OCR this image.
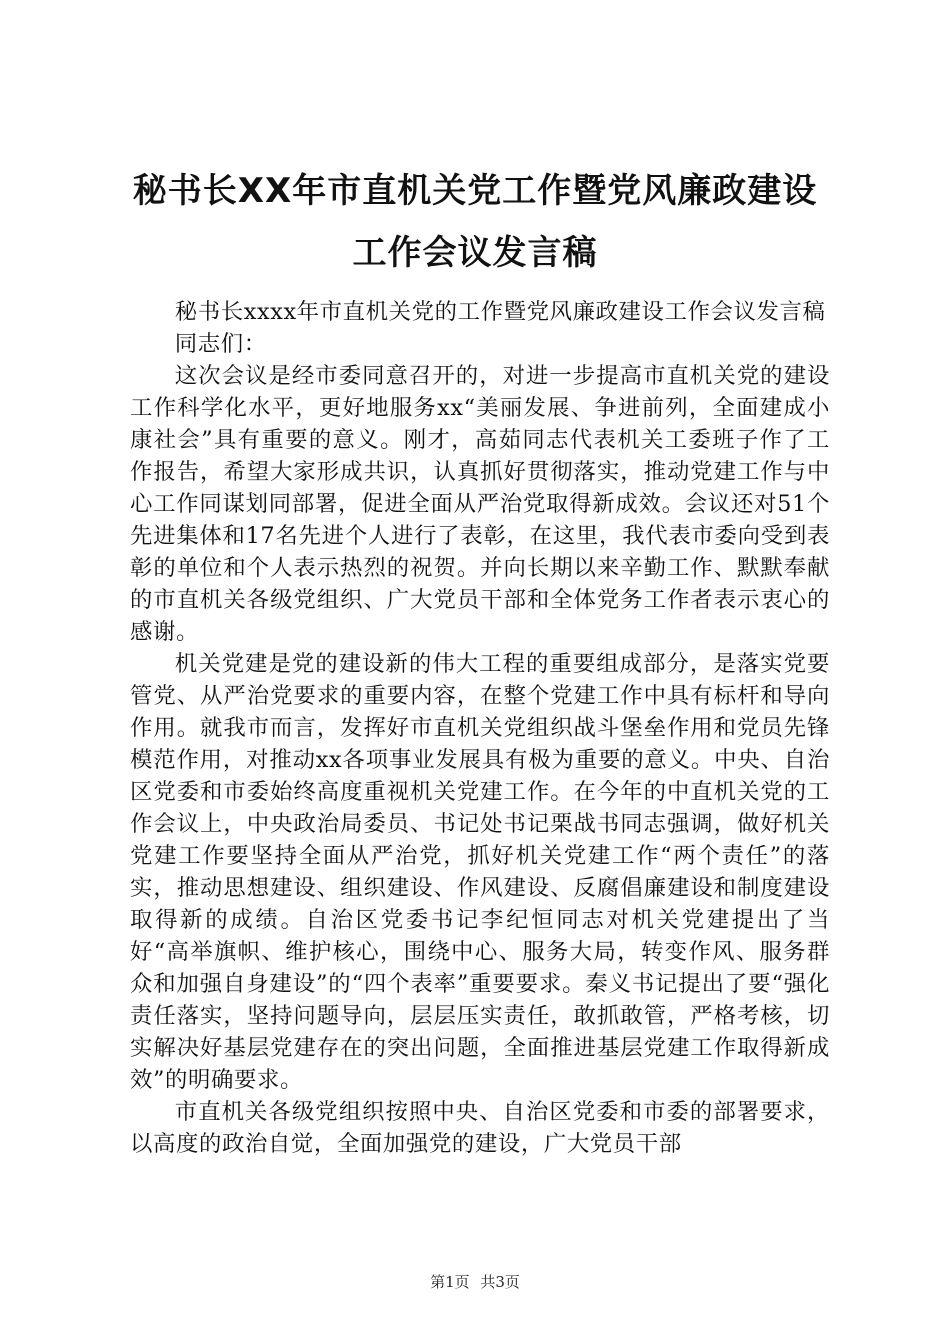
秘书长XX年市直机关党工作暨党风廉政建设
工作会议发言稿

秘书长xxxx年市直机关党的工作暨党风廉政建设工作会议发言稿

同志们：

这次会议是经市委同意召开的，对进一步提高市直机关党的建设工作科学化水平，更好地服务xx“美丽发展、争进前列，全面建成小康社会”具有重要的意义。刚才，高茹同志代表机关工委班子作了工作报告，希望大家形成共识，认真抓好贯彻落实，推动党建工作与中心工作同谋划同部署，促进全面从严治党取得新成效。会议还对51个先进集体和17名先进个人进行了表彰，在这里，我代表市委向受到表彰的单位和个人表示热烈的祝贺。并向长期以来辛勤工作、默默奉献的市直机关各级党组织、广大党员干部和全体党务工作者表示衷心的感谢。

机关党建是党的建设新的伟大工程的重要组成部分，是落实党要管党、从严治党要求的重要内容，在整个党建工作中具有标杆和导向作用。就我市而言，发挥好市直机关党组织战斗堡垒作用和党员先锋模范作用，对推动xx各项事业发展具有极为重要的意义。中央、自治区党委和市委始终高度重视机关党建工作。在今年的中直机关党的工作会议上，中央政治局委员、书记处书记栗战书同志强调，做好机关党建工作要坚持全面从严治党，抓好机关党建工作“两个责任”的落实，推动思想建设、组织建设、作风建设、反腐倡廉建设和制度建设取得新的成绩。自治区党委书记李纪恒同志对机关党建提出了当好“高举旗帜、维护核心，围绕中心、服务大局，转变作风、服务群众和加强自身建设”的“四个表率”重要要求。秦义书记提出了要“强化责任落实，坚持问题导向，层层压实责任，敢抓敢管，严格考核，切实解决好基层党建存在的突出问题，全面推进基层党建工作取得新成效”的明确要求。

市直机关各级党组织按照中央、自治区党委和市委的部署要求，以高度的政治自觉，全面加强党的建设，广大党员干部

第1页 共3页
